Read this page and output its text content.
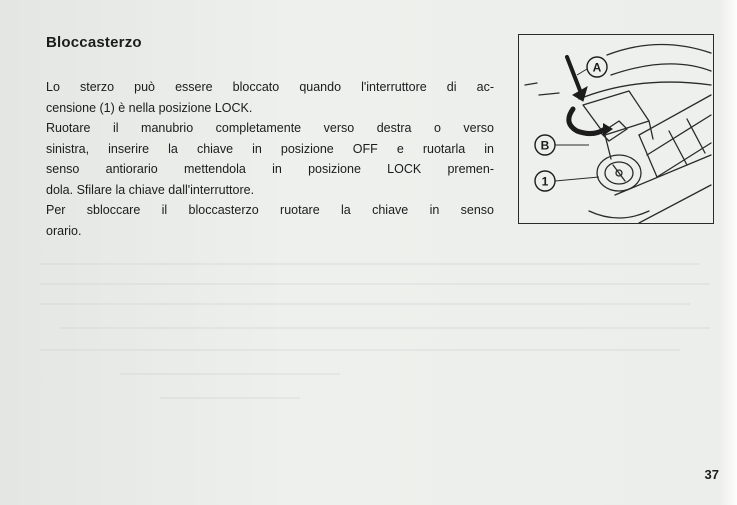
Bloccasterzo

Lo sterzo può essere bloccato quando l'interruttore di ac-

censione (1) è nella posizione LOCK.

Ruotare il manubrio completamente verso destra o verso

sinistra, inserire la chiave in posizione OFF e ruotarla in

senso antiorario mettendola in posizione LOCK premen-

dola. Sfilare la chiave dall'interruttore.

Per sbloccare il bloccasterzo ruotare la chiave in senso

orario.

A
B
1
37
